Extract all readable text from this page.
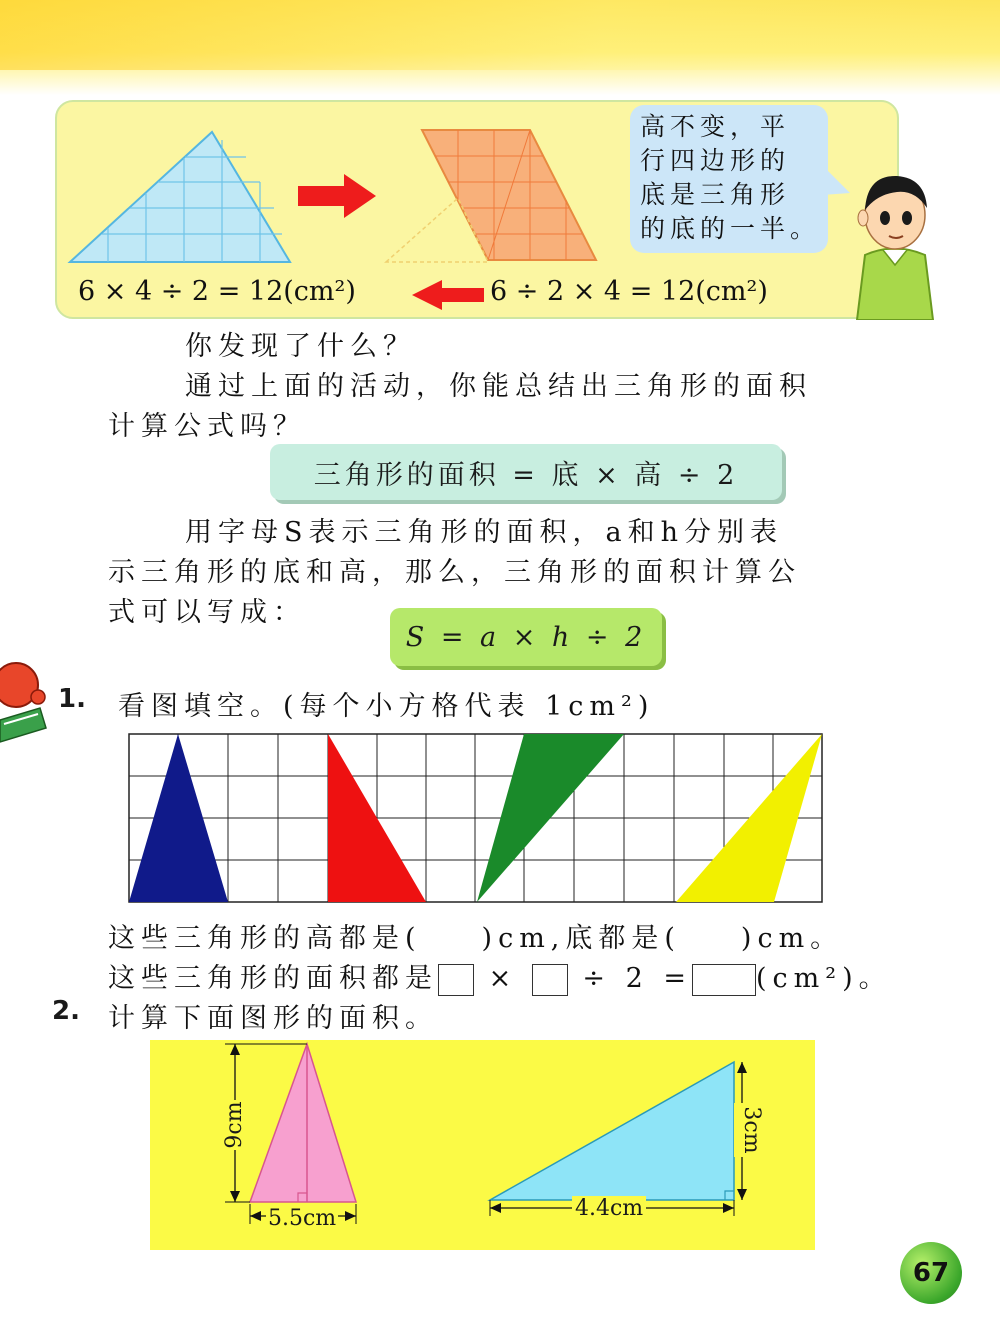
高不变，平
行四边形的
底是三角形
的底的一半。
6 × 4 ÷ 2 = 12(cm²)	6 ÷ 2 × 4 = 12(cm²)
你发现了什么？
通过上面的活动，你能总结出三角形的面积
计算公式吗？
三角形的面积 = 底 × 高 ÷ 2
用字母S表示三角形的面积，a和h分别表
示三角形的底和高，那么，三角形的面积计算公
式可以写成：
S = a × h ÷ 2
1. 看图填空。(每个小方格代表 1cm²)
这些三角形的高都是( )cm,底都是( )cm。
这些三角形的面积都是 × ÷ 2 = (cm²)。
2. 计算下面图形的面积。
9cm
5.5cm
3cm
4.4cm
67
